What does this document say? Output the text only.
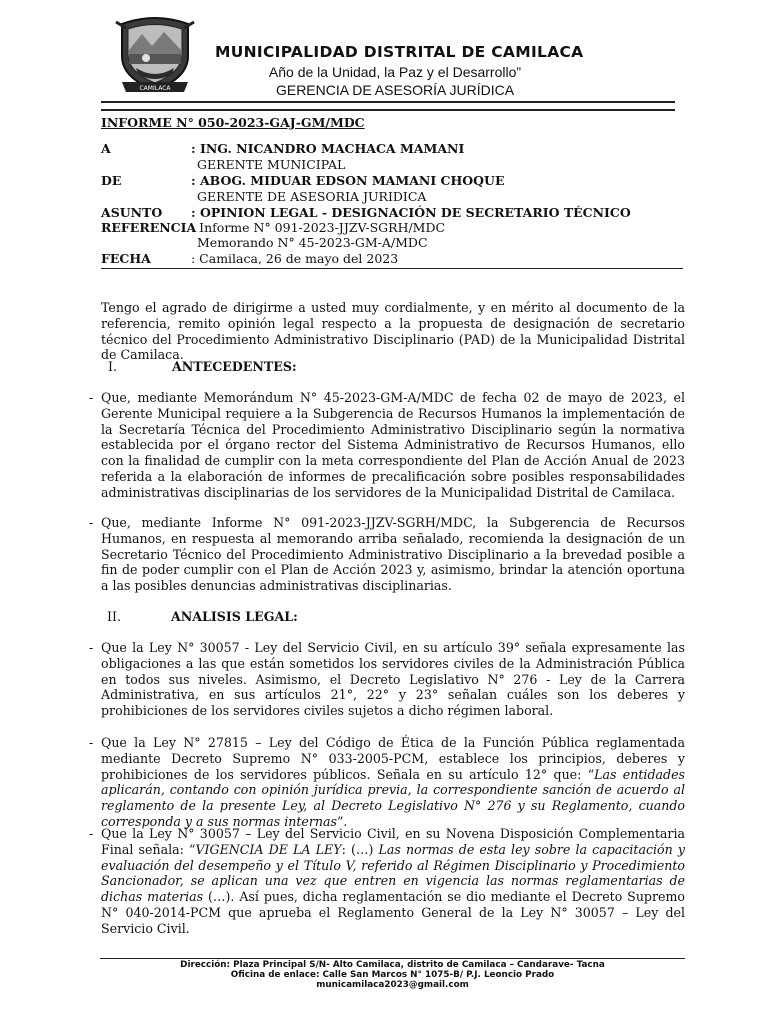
CAMILACA
MUNICIPALIDAD DISTRITAL DE CAMILACA
Año de la Unidad, la Paz y el Desarrollo”
GERENCIA DE ASESORÍA JURÍDICA
INFORME N° 050-2023-GAJ-GM/MDC
A	: ING. NICANDRO MACHACA MAMANI
GERENTE MUNICIPAL
DE	: ABOG. MIDUAR EDSON MAMANI CHOQUE
GERENTE DE ASESORIA JURIDICA
ASUNTO	: OPINION LEGAL - DESIGNACIÓN DE SECRETARIO TÉCNICO
REFERENCIA
: Informe N° 091-2023-JJZV-SGRH/MDC
Memorando N° 45-2023-GM-A/MDC
FECHA	: Camilaca, 26 de mayo del 2023

Tengo el agrado de dirigirme a usted muy cordialmente, y en mérito al documento de la referencia, remito opinión legal respecto a la propuesta de designación de secretario técnico del Procedimiento Administrativo Disciplinario (PAD) de la Municipalidad Distrital de Camilaca.

I.	ANTECEDENTES:
- Que, mediante Memorándum N° 45-2023-GM-A/MDC de fecha 02 de mayo de 2023, el Gerente Municipal requiere a la Subgerencia de Recursos Humanos la implementación de la Secretaría Técnica del Procedimiento Administrativo Disciplinario según la normativa establecida por el órgano rector del Sistema Administrativo de Recursos Humanos, ello con la finalidad de cumplir con la meta correspondiente del Plan de Acción Anual de 2023 referida a la elaboración de informes de precalificación sobre posibles responsabilidades administrativas disciplinarias de los servidores de la Municipalidad Distrital de Camilaca.

- Que, mediante Informe N° 091-2023-JJZV-SGRH/MDC, la Subgerencia de Recursos Humanos, en respuesta al memorando arriba señalado, recomienda la designación de un Secretario Técnico del Procedimiento Administrativo Disciplinario a la brevedad posible a fin de poder cumplir con el Plan de Acción 2023 y, asimismo, brindar la atención oportuna a las posibles denuncias administrativas disciplinarias.

II.	ANALISIS LEGAL:
- Que la Ley N° 30057 - Ley del Servicio Civil, en su artículo 39° señala expresamente las obligaciones a las que están sometidos los servidores civiles de la Administración Pública en todos sus niveles. Asimismo, el Decreto Legislativo N° 276 - Ley de la Carrera Administrativa, en sus artículos 21°, 22° y 23° señalan cuáles son los deberes y prohibiciones de los servidores civiles sujetos a dicho régimen laboral.

- Que la Ley N° 27815 – Ley del Código de Ética de la Función Pública reglamentada mediante Decreto Supremo N° 033-2005-PCM, establece los principios, deberes y prohibiciones de los servidores públicos. Señala en su artículo 12° que: “Las entidades aplicarán, contando con opinión jurídica previa, la correspondiente sanción de acuerdo al reglamento de la presente Ley, al Decreto Legislativo N° 276 y su Reglamento, cuando corresponda y a sus normas internas”.

- Que la Ley N° 30057 – Ley del Servicio Civil, en su Novena Disposición Complementaria Final señala: “VIGENCIA DE LA LEY: (…) Las normas de esta ley sobre la capacitación y evaluación del desempeño y el Título V, referido al Régimen Disciplinario y Procedimiento Sancionador, se aplican una vez que entren en vigencia las normas reglamentarias de dichas materias (…). Así pues, dicha reglamentación se dio mediante el Decreto Supremo N° 040-2014-PCM que aprueba el Reglamento General de la Ley N° 30057 – Ley del Servicio Civil.

Dirección: Plaza Principal S/N- Alto Camilaca, distrito de Camilaca – Candarave- Tacna
Oficina de enlace: Calle San Marcos N° 1075-B/ P.J. Leoncio Prado
municamilaca2023@gmail.com
